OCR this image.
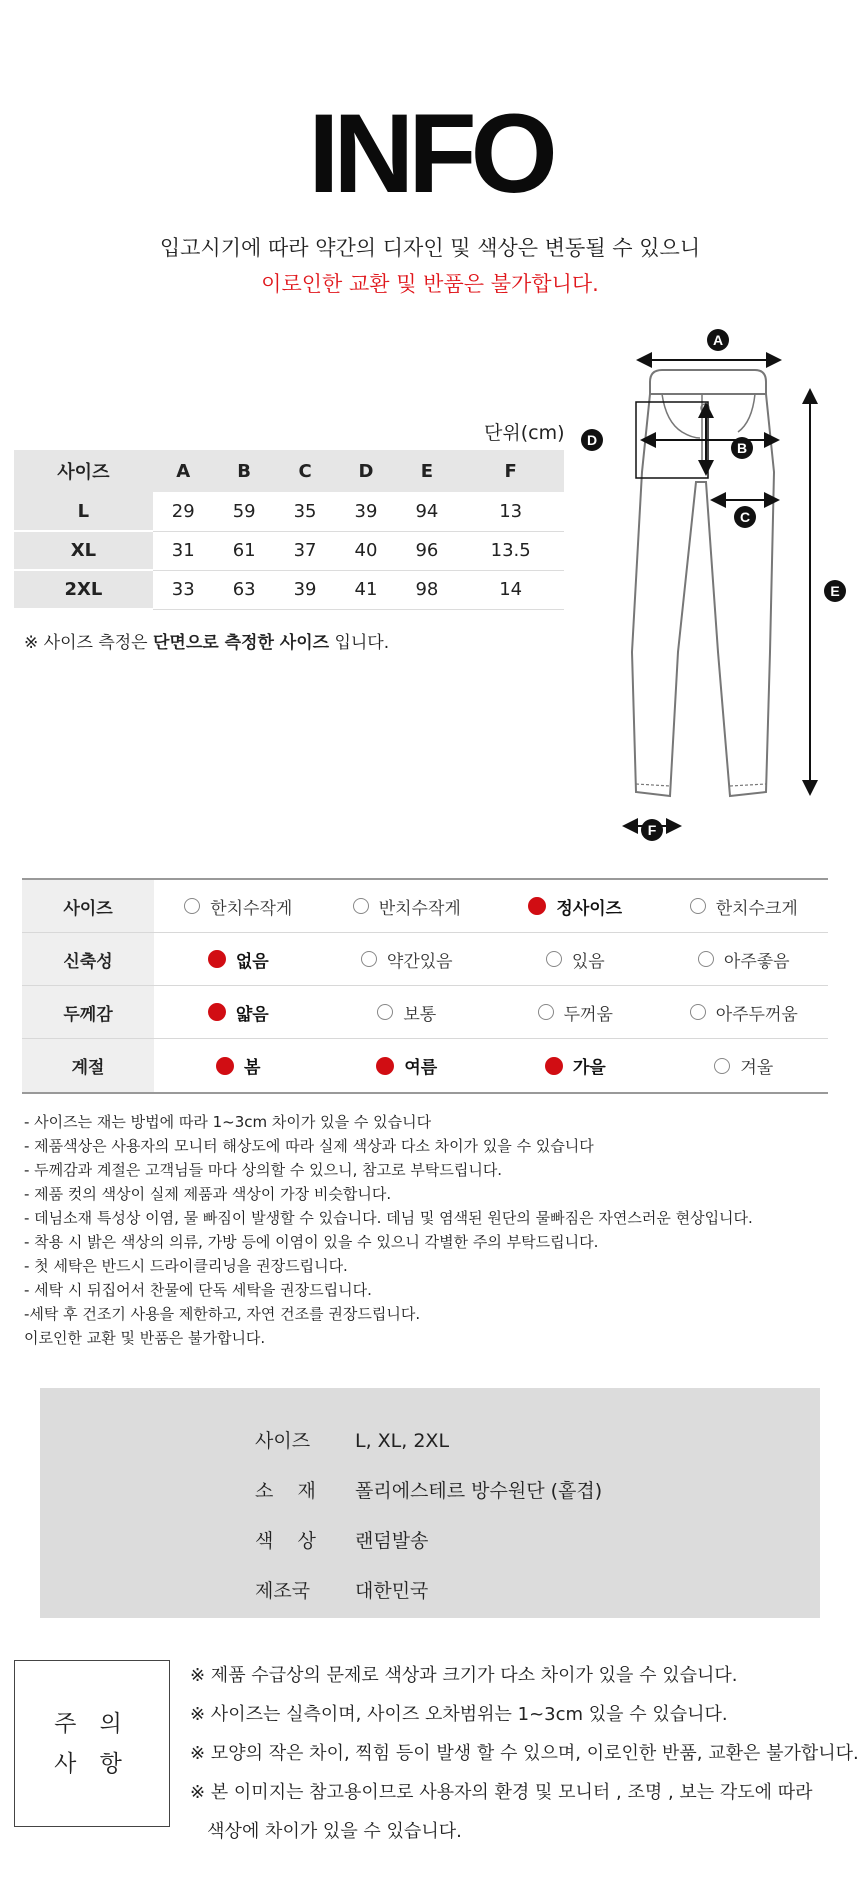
INFO
입고시기에 따라 약간의 디자인 및 색상은 변동될 수 있으니
이로인한 교환 및 반품은 불가합니다.
단위(cm)
사이즈	A	B	C	D	E	F
L	29	59	35	39	94	13
XL	31	61	37	40	96	13.5
2XL	33	63	39	41	98	14
※ 사이즈 측정은 단면으로 측정한 사이즈 입니다.
A
B
C
D
E
F
사이즈	한치수작게	반치수작게	정사이즈	한치수크게
신축성	없음	약간있음	있음	아주좋음
두께감	얇음	보통	두꺼움	아주두꺼움
계절	봄	여름	가을	겨울
- 사이즈는 재는 방법에 따라 1~3cm 차이가 있을 수 있습니다
- 제품색상은 사용자의 모니터 해상도에 따라 실제 색상과 다소 차이가 있을 수 있습니다
- 두께감과 계절은 고객님들 마다 상의할 수 있으니, 참고로 부탁드립니다.
- 제품 컷의 색상이 실제 제품과 색상이 가장 비슷합니다.
- 데님소재 특성상 이염, 물 빠짐이 발생할 수 있습니다. 데님 및 염색된 원단의 물빠짐은 자연스러운 현상입니다.
- 착용 시 밝은 색상의 의류, 가방 등에 이염이 있을 수 있으니 각별한 주의 부탁드립니다.
- 첫 세탁은 반드시 드라이클리닝을 권장드립니다.
- 세탁 시 뒤집어서 찬물에 단독 세탁을 권장드립니다.
-세탁 후 건조기 사용을 제한하고, 자연 건조를 권장드립니다.
이로인한 교환 및 반품은 불가합니다.
사이즈 L, XL, 2XL
소    재 폴리에스테르 방수원단 (홑겹)
색    상 랜덤발송
제조국 대한민국
주 의
사 항
※ 제품 수급상의 문제로 색상과 크기가 다소 차이가 있을 수 있습니다.
※ 사이즈는 실측이며, 사이즈 오차범위는 1~3cm 있을 수 있습니다.
※ 모양의 작은 차이, 찍힘 등이 발생 할 수 있으며, 이로인한 반품, 교환은 불가합니다.
※ 본 이미지는 참고용이므로 사용자의 환경 및 모니터 , 조명 , 보는 각도에 따라
색상에 차이가 있을 수 있습니다.
